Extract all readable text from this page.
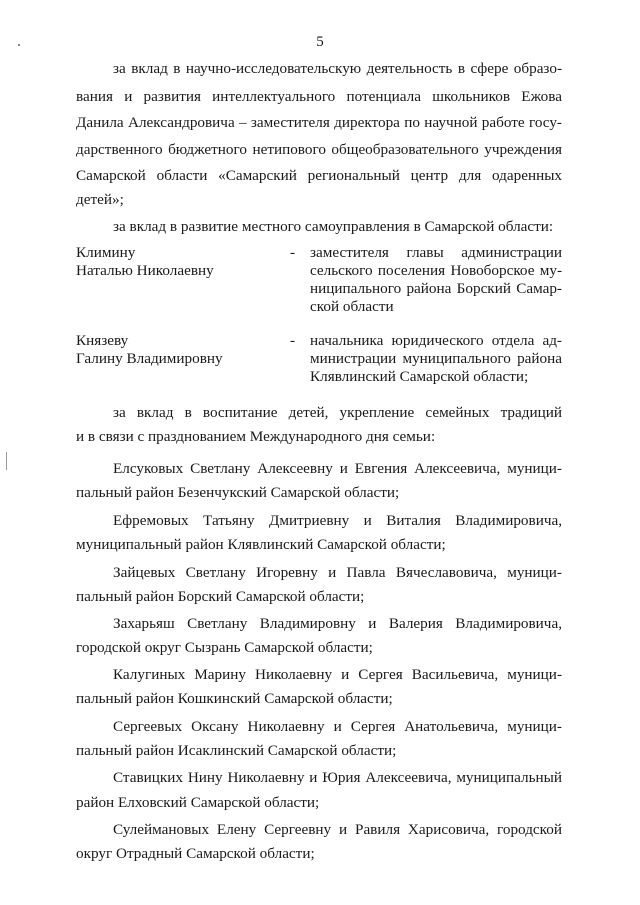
5
за вклад в научно-исследовательскую деятельность в сфере образо-
вания и развития интеллектуального потенциала школьников Ежова
Данила Александровича – заместителя директора по научной работе госу-
дарственного бюджетного нетипового общеобразовательного учреждения
Самарской области «Самарский региональный центр для одаренных
детей»;
за вклад в развитие местного самоуправления в Самарской области:
Климину
Наталью Николаевну
- заместителя главы администрации
сельского поселения Новоборское му-
ниципального района Борский Самар-
ской области
Князеву
Галину Владимировну
- начальника юридического отдела ад-
министрации муниципального района
Клявлинский Самарской области;
за вклад в воспитание детей, укрепление семейных традиций
и в связи с празднованием Международного дня семьи:
Елсуковых Светлану Алексеевну и Евгения Алексеевича, муници-
пальный район Безенчукский Самарской области;
Ефремовых Татьяну Дмитриевну и Виталия Владимировича,
муниципальный район Клявлинский Самарской области;
Зайцевых Светлану Игоревну и Павла Вячеславовича, муници-
пальный район Борский Самарской области;
Захарьяш Светлану Владимировну и Валерия Владимировича,
городской округ Сызрань Самарской области;
Калугиных Марину Николаевну и Сергея Васильевича, муници-
пальный район Кошкинский Самарской области;
Сергеевых Оксану Николаевну и Сергея Анатольевича, муници-
пальный район Исаклинский Самарской области;
Ставицких Нину Николаевну и Юрия Алексеевича, муниципальный
район Елховский Самарской области;
Сулеймановых Елену Сергеевну и Равиля Харисовича, городской
округ Отрадный Самарской области;
